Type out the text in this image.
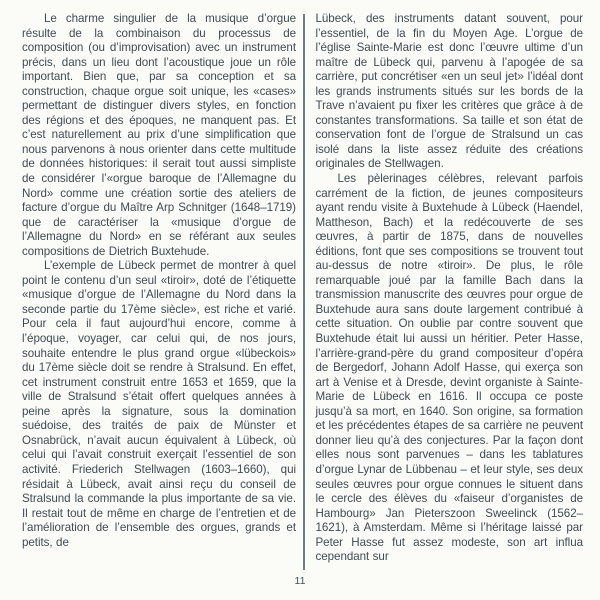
Le charme singulier de la musique d’orgue résulte de la combinaison du processus de composition (ou d’improvisation) avec un instrument précis, dans un lieu dont l’acoustique joue un rôle important. Bien que, par sa conception et sa construction, chaque orgue soit unique, les «cases» permettant de distinguer divers styles, en fonction des régions et des époques, ne manquent pas. Et c’est naturellement au prix d’une simplification que nous parvenons à nous orienter dans cette multitude de données historiques: il serait tout aussi simpliste de considérer l’«orgue baroque de l’Allemagne du Nord» comme une création sortie des ateliers de facture d’orgue du Maître Arp Schnitger (1648–1719) que de caractériser la «musique d’orgue de l’Allemagne du Nord» en se référant aux seules compositions de Dietrich Buxtehude.

L’exemple de Lübeck permet de montrer à quel point le contenu d’un seul «tiroir», doté de l’étiquette «musique d’orgue de l’Allemagne du Nord dans la seconde partie du 17ème siècle», est riche et varié. Pour cela il faut aujourd’hui encore, comme à l’époque, voyager, car celui qui, de nos jours, souhaite entendre le plus grand orgue «lübeckois» du 17ème siècle doit se rendre à Stralsund. En effet, cet instrument construit entre 1653 et 1659, que la ville de Stralsund s’était offert quelques années à peine après la signature, sous la domination suédoise, des traités de paix de Münster et Osnabrück, n’avait aucun équivalent à Lübeck, où celui qui l’avait construit exerçait l’essentiel de son activité. Friederich Stellwagen (1603–1660), qui résidait à Lübeck, avait ainsi reçu du conseil de Stralsund la commande la plus importante de sa vie. Il restait tout de même en charge de l’entretien et de l’amélioration de l’ensemble des orgues, grands et petits, de

Lübeck, des instruments datant souvent, pour l’essentiel, de la fin du Moyen Age. L’orgue de l’église Sainte-Marie est donc l’œuvre ultime d’un maître de Lübeck qui, parvenu à l’apogée de sa carrière, put concrétiser «en un seul jet» l’idéal dont les grands instruments situés sur les bords de la Trave n’avaient pu fixer les critères que grâce à de constantes transformations. Sa taille et son état de conservation font de l’orgue de Stralsund un cas isolé dans la liste assez réduite des créations originales de Stellwagen.

Les pèlerinages célèbres, relevant parfois carrément de la fiction, de jeunes compositeurs ayant rendu visite à Buxtehude à Lübeck (Haendel, Mattheson, Bach) et la redécouverte de ses œuvres, à partir de 1875, dans de nouvelles éditions, font que ses compositions se trouvent tout au-dessus de notre «tiroir». De plus, le rôle remarquable joué par la famille Bach dans la transmission manuscrite des œuvres pour orgue de Buxtehude aura sans doute largement contribué à cette situation. On oublie par contre souvent que Buxtehude était lui aussi un héritier. Peter Hasse, l’arrière-grand-père du grand compositeur d’opéra de Bergedorf, Johann Adolf Hasse, qui exerça son art à Venise et à Dresde, devint organiste à Sainte-Marie de Lübeck en 1616. Il occupa ce poste jusqu’à sa mort, en 1640. Son origine, sa formation et les précédentes étapes de sa carrière ne peuvent donner lieu qu’à des conjectures. Par la façon dont elles nous sont parvenues – dans les tablatures d’orgue Lynar de Lübbenau – et leur style, ses deux seules œuvres pour orgue connues le situent dans le cercle des élèves du «faiseur d’organistes de Hambourg» Jan Pieterszoon Sweelinck (1562–1621), à Amsterdam. Même si l’héritage laissé par Peter Hasse fut assez modeste, son art influa cependant sur

11
